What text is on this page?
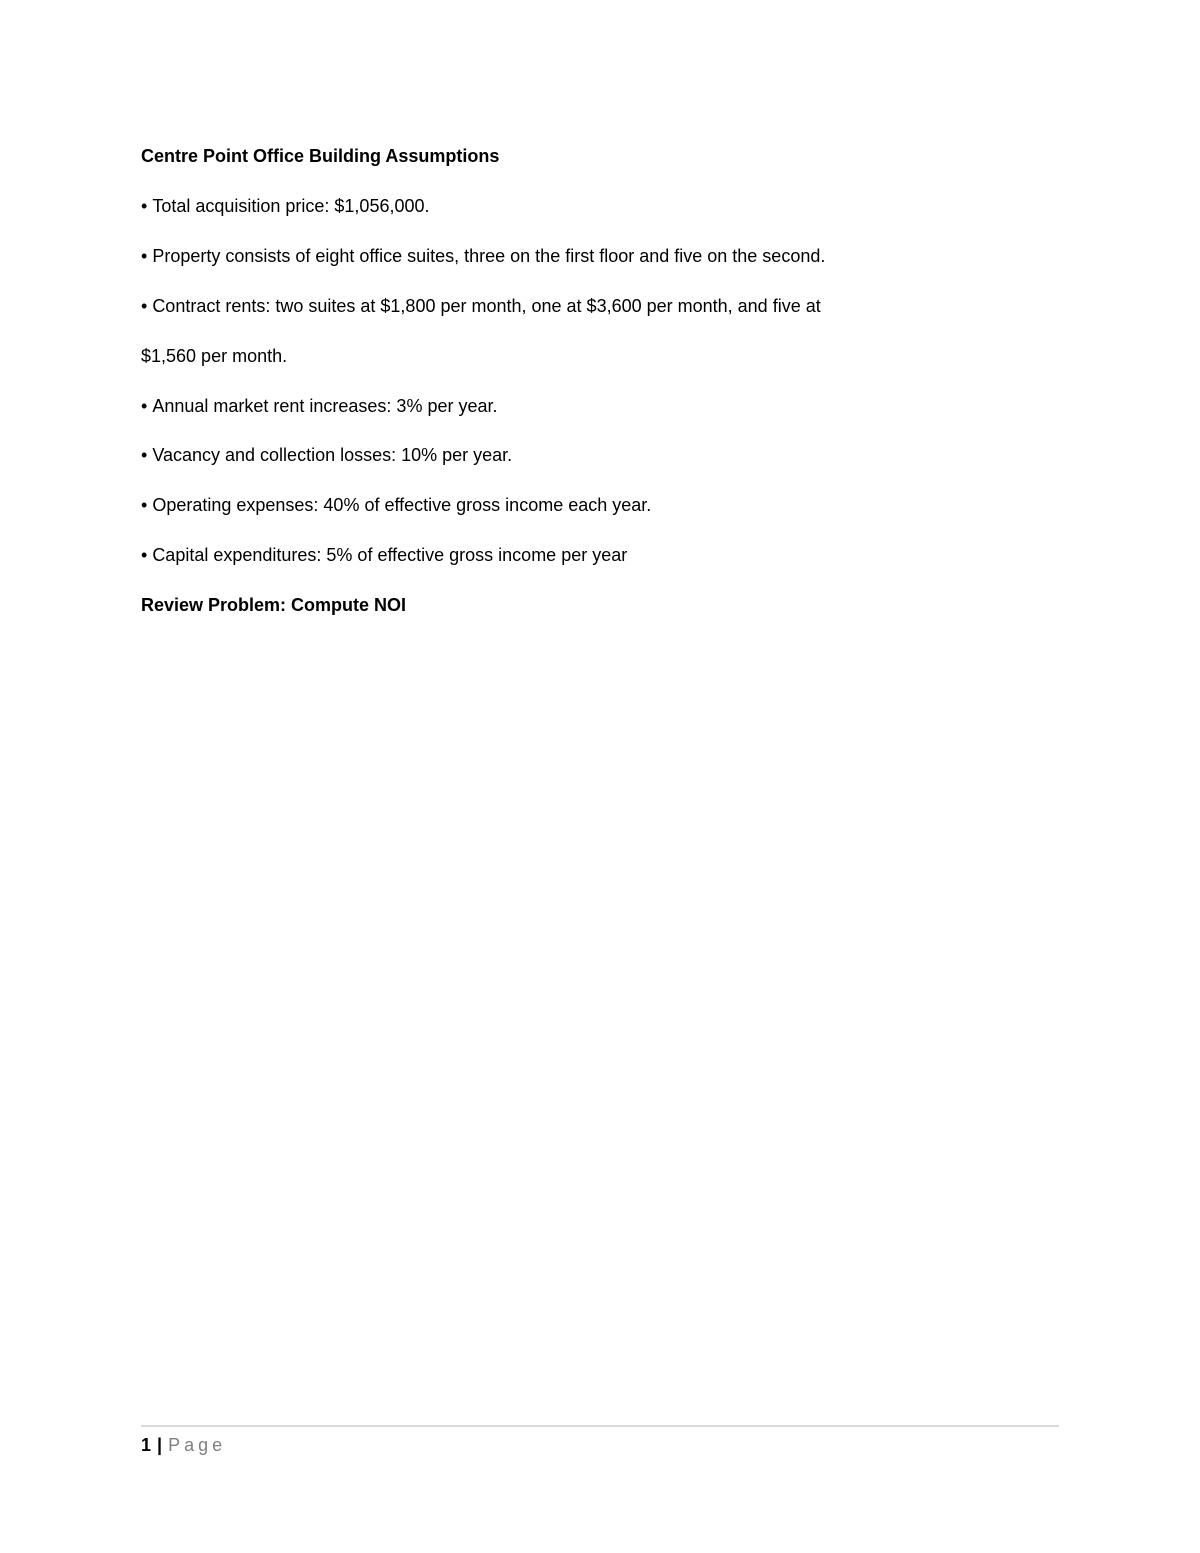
Centre Point Office Building Assumptions
• Total acquisition price: $1,056,000.
• Property consists of eight office suites, three on the first floor and five on the second.
• Contract rents: two suites at $1,800 per month, one at $3,600 per month, and five at
$1,560 per month.
• Annual market rent increases: 3% per year.
• Vacancy and collection losses: 10% per year.
• Operating expenses: 40% of effective gross income each year.
• Capital expenditures: 5% of effective gross income per year
Review Problem: Compute NOI
1 | Page
